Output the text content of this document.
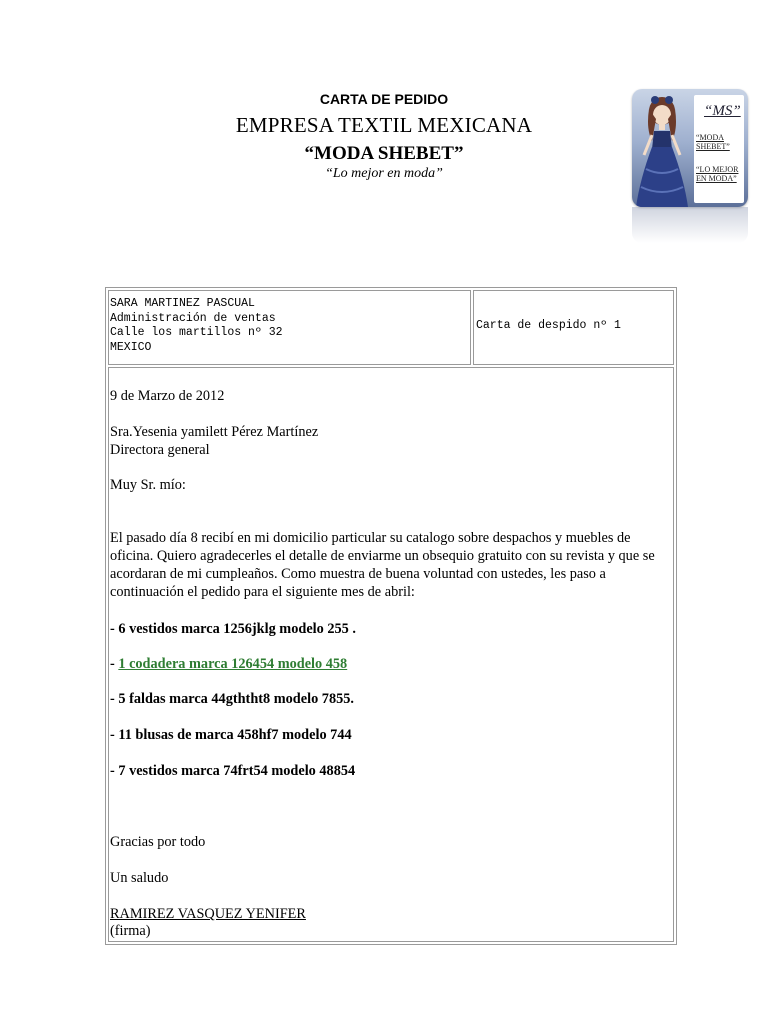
CARTA DE PEDIDO
EMPRESA TEXTIL MEXICANA
“MODA SHEBET”
“Lo mejor en moda”
“MS”
“MODA SHEBET”
“LO MEJOR EN MODA”
SARA MARTINEZ PASCUAL
Administración de ventas
Calle los martillos nº 32
MEXICO
Carta de despido nº 1
9 de Marzo de 2012
Sra.Yesenia yamilett Pérez Martínez
Directora general
Muy Sr. mío:
El pasado día 8 recibí en mi domicilio particular su catalogo sobre despachos y muebles de oficina. Quiero agradecerles el detalle de enviarme un obsequio gratuito con su revista y que se acordaran de mi cumpleaños. Como muestra de buena voluntad con ustedes, les paso a continuación el pedido para el siguiente mes de abril:
- 6 vestidos marca 1256jklg modelo 255 .
- 1 codadera marca 126454 modelo 458
- 5 faldas marca 44gththt8 modelo 7855.
- 11 blusas de marca 458hf7 modelo 744
- 7 vestidos marca 74frt54 modelo 48854
Gracias por todo
Un saludo
RAMIREZ VASQUEZ YENIFER
(firma)
